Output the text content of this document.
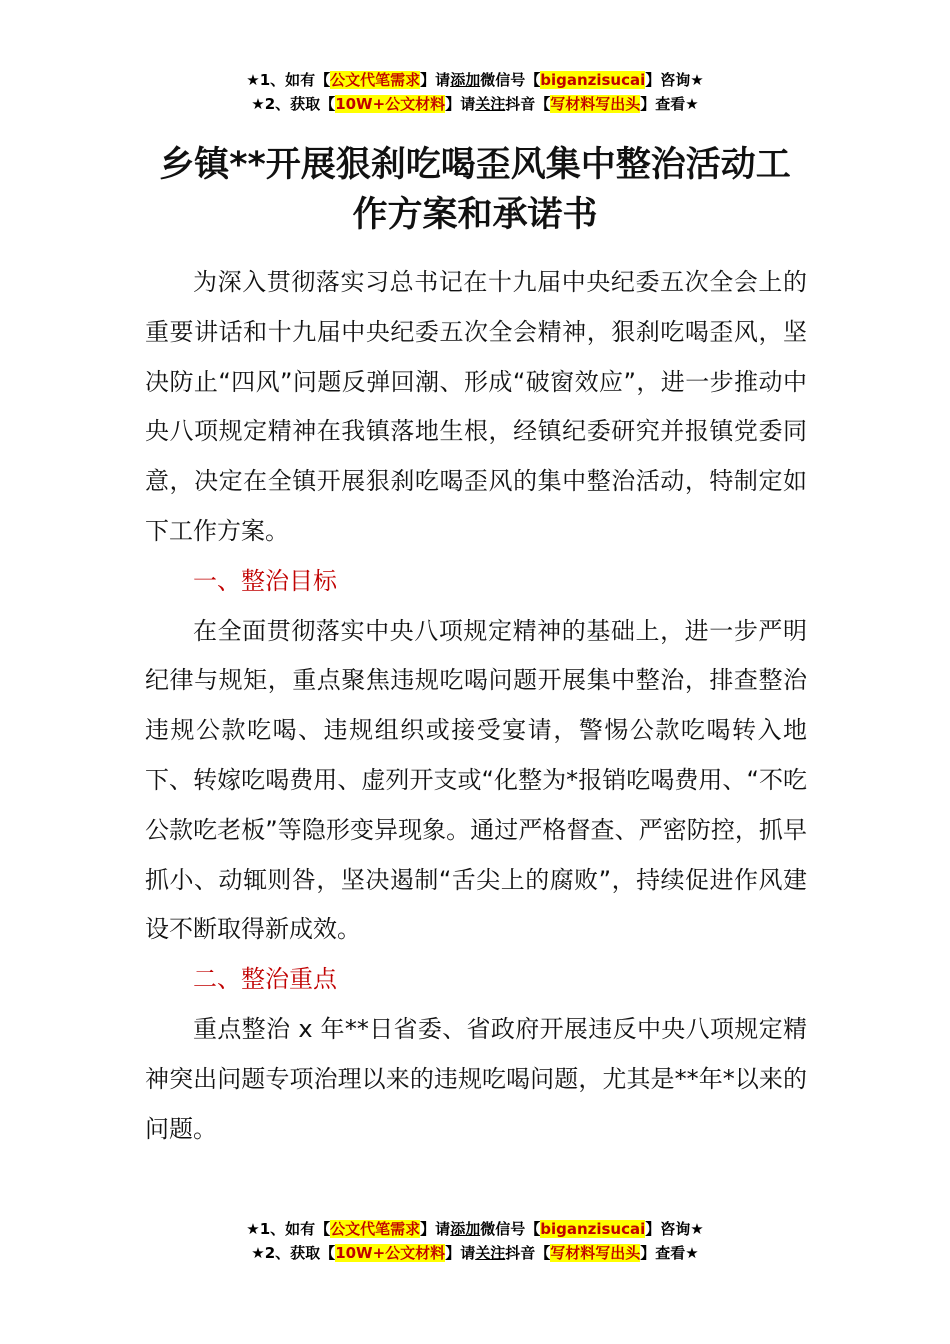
★1、如有【公文代笔需求】请添加微信号【biganzisucai】咨询★
★2、获取【10W+公文材料】请关注抖音【写材料写出头】查看★
乡镇**开展狠刹吃喝歪风集中整治活动工作方案和承诺书

为深入贯彻落实习总书记在十九届中央纪委五次全会上的重要讲话和十九届中央纪委五次全会精神，狠刹吃喝歪风，坚决防止“四风”问题反弹回潮、形成“破窗效应”，进一步推动中央八项规定精神在我镇落地生根，经镇纪委研究并报镇党委同意，决定在全镇开展狠刹吃喝歪风的集中整治活动，特制定如下工作方案。

一、整治目标

在全面贯彻落实中央八项规定精神的基础上，进一步严明纪律与规矩，重点聚焦违规吃喝问题开展集中整治，排查整治违规公款吃喝、违规组织或接受宴请，警惕公款吃喝转入地下、转嫁吃喝费用、虚列开支或“化整为*报销吃喝费用、“不吃公款吃老板”等隐形变异现象。通过严格督查、严密防控，抓早抓小、动辄则咎，坚决遏制“舌尖上的腐败”，持续促进作风建设不断取得新成效。

二、整治重点

重点整治 x 年**日省委、省政府开展违反中央八项规定精神突出问题专项治理以来的违规吃喝问题，尤其是**年*以来的问题。

★1、如有【公文代笔需求】请添加微信号【biganzisucai】咨询★
★2、获取【10W+公文材料】请关注抖音【写材料写出头】查看★
